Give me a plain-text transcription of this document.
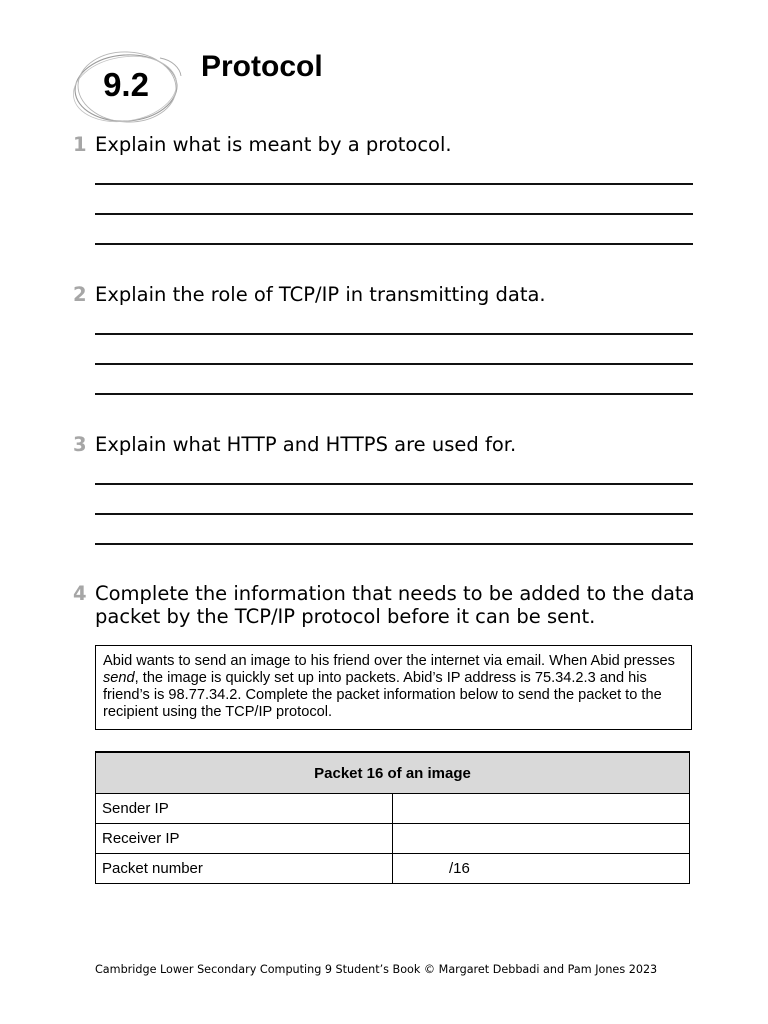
9.2	Protocol
1 Explain what is meant by a protocol.
2 Explain the role of TCP/IP in transmitting data.
3 Explain what HTTP and HTTPS are used for.
4 Complete the information that needs to be added to the data packet by the TCP/IP protocol before it can be sent.
Abid wants to send an image to his friend over the internet via email. When Abid presses send, the image is quickly set up into packets. Abid’s IP address is 75.34.2.3 and his friend’s is 98.77.34.2. Complete the packet information below to send the packet to the recipient using the TCP/IP protocol.
Packet 16 of an image	
Sender IP	
Receiver IP	
Packet number	/16
Cambridge Lower Secondary Computing 9 Student’s Book © Margaret Debbadi and Pam Jones 2023
